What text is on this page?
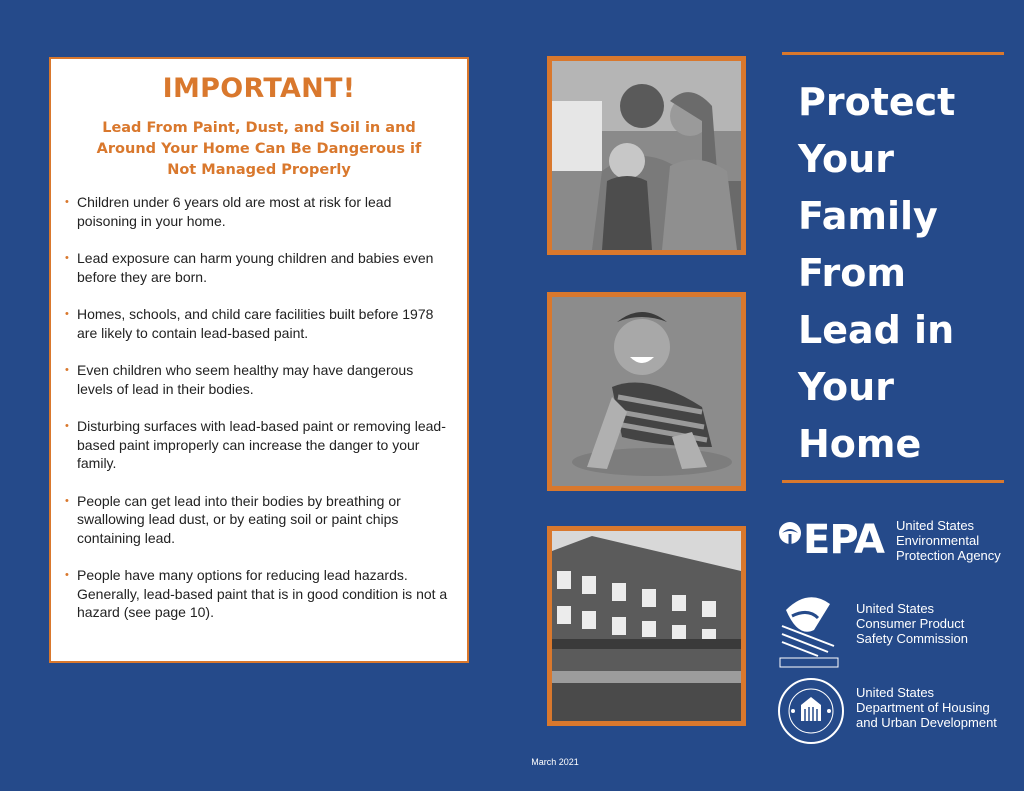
IMPORTANT!
Lead From Paint, Dust, and Soil in and Around Your Home Can Be Dangerous if Not Managed Properly
• Children under 6 years old are most at risk for lead poisoning in your home.
• Lead exposure can harm young children and babies even before they are born.
• Homes, schools, and child care facilities built before 1978 are likely to contain lead-based paint.
• Even children who seem healthy may have dangerous levels of lead in their bodies.
• Disturbing surfaces with lead-based paint or removing lead-based paint improperly can increase the danger to your family.
• People can get lead into their bodies by breathing or swallowing lead dust, or by eating soil or paint chips containing lead.
• People have many options for reducing lead hazards. Generally, lead-based paint that is in good condition is not a hazard (see page 10).
Protect
Your
Family
From
Lead in
Your
Home
EPA United States
Environmental
Protection Agency
United States
Consumer Product
Safety Commission
United States
Department of Housing
and Urban Development
March 2021
